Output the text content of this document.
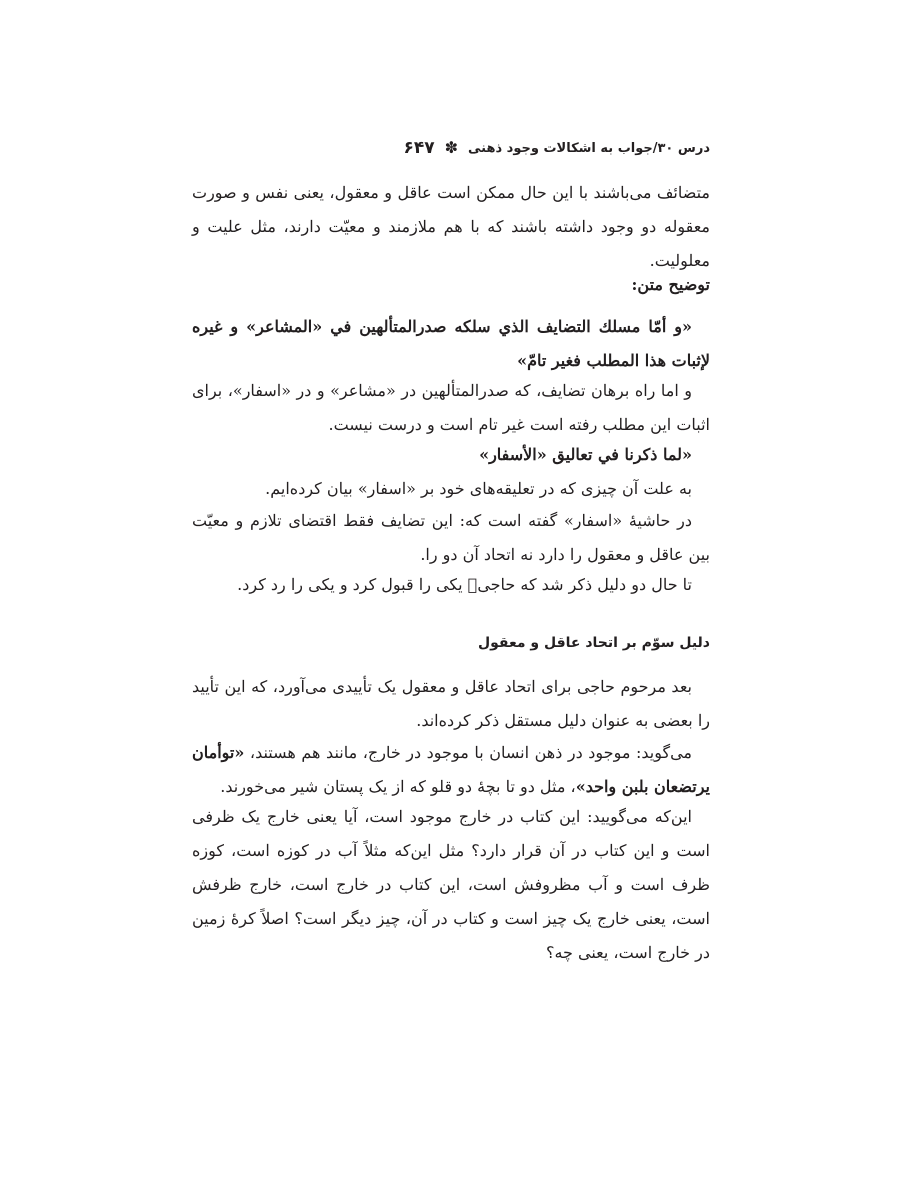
درس ۳۰/جواب به اشکالات وجود ذهنی
✽
۶۴۷
متضائف می‌باشند با این حال ممکن است عاقل و معقول، یعنی نفس و صورت معقوله دو وجود داشته باشند که با هم ملازمند و معیّت دارند، مثل علیت و معلولیت.
توضیح متن:
«و أمّا مسلك التضايف الذي سلكه صدرالمتألهين في «المشاعر» و غيره لإثبات هذا المطلب فغير تامّ»
و اما راه برهان تضایف، که صدرالمتألهین در «مشاعر» و در «اسفار»، برای اثبات این مطلب رفته است غیر تام است و درست نیست.
«لما ذكرنا في تعاليق «الأسفار»
به علت آن چیزی که در تعلیقه‌های خود بر «اسفار» بیان کرده‌ایم.
در حاشیهٔ «اسفار» گفته است که: این تضایف فقط اقتضای تلازم و معیّت بین عاقل و معقول را دارد نه اتحاد آن دو را.
تا حال دو دلیل ذکر شد که حاجی﷫ یکی را قبول کرد و یکی را رد کرد.
دلیل سوّم بر اتحاد عاقل و معقول
بعد مرحوم حاجی برای اتحاد عاقل و معقول یک تأییدی می‌آورد، که این تأیید را بعضی به عنوان دلیل مستقل ذکر کرده‌اند.
می‌گوید: موجود در ذهن انسان با موجود در خارج، مانند هم هستند، «توأمان يرتضعان بلبن واحد»، مثل دو تا بچهٔ دو قلو که از یک پستان شیر می‌خورند.
این‌که می‌گویید: این کتاب در خارج موجود است، آیا یعنی خارج یک ظرفی است و این کتاب در آن قرار دارد؟ مثل این‌که مثلاً آب در کوزه است، کوزه ظرف است و آب مظروفش است، این کتاب در خارج است، خارج ظرفش است، یعنی خارج یک چیز است و کتاب در آن، چیز دیگر است؟ اصلاً کرهٔ زمین در خارج است، یعنی چه؟
